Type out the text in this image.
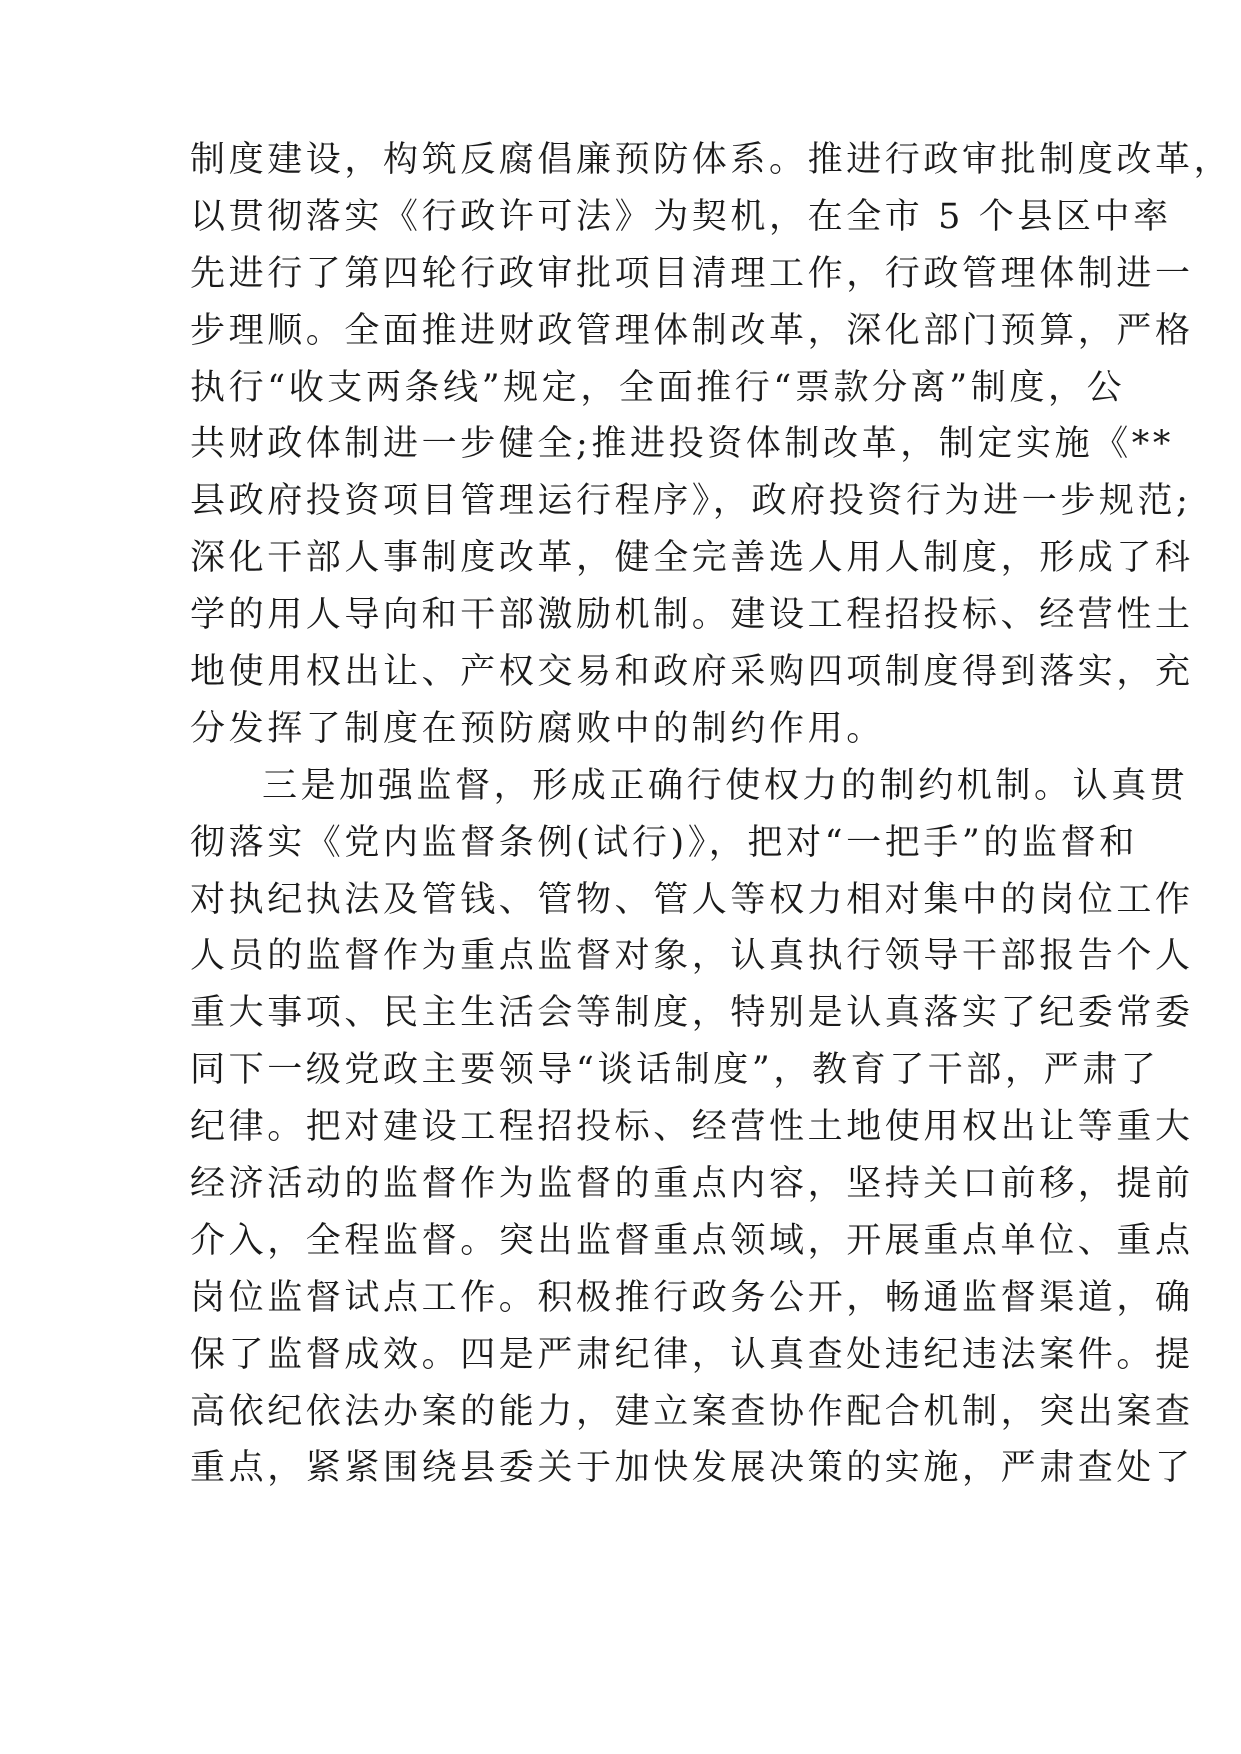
制度建设，构筑反腐倡廉预防体系。推进行政审批制度改革，
以贯彻落实《行政许可法》为契机，在全市 5 个县区中率
先进行了第四轮行政审批项目清理工作，行政管理体制进一
步理顺。全面推进财政管理体制改革，深化部门预算，严格
执行“收支两条线”规定，全面推行“票款分离”制度，公
共财政体制进一步健全;推进投资体制改革，制定实施《**
县政府投资项目管理运行程序》，政府投资行为进一步规范;
深化干部人事制度改革，健全完善选人用人制度，形成了科
学的用人导向和干部激励机制。建设工程招投标、经营性土
地使用权出让、产权交易和政府采购四项制度得到落实，充
分发挥了制度在预防腐败中的制约作用。
三是加强监督，形成正确行使权力的制约机制。认真贯
彻落实《党内监督条例(试行)》，把对“一把手”的监督和
对执纪执法及管钱、管物、管人等权力相对集中的岗位工作
人员的监督作为重点监督对象，认真执行领导干部报告个人
重大事项、民主生活会等制度，特别是认真落实了纪委常委
同下一级党政主要领导“谈话制度”，教育了干部，严肃了
纪律。把对建设工程招投标、经营性土地使用权出让等重大
经济活动的监督作为监督的重点内容，坚持关口前移，提前
介入，全程监督。突出监督重点领域，开展重点单位、重点
岗位监督试点工作。积极推行政务公开，畅通监督渠道，确
保了监督成效。四是严肃纪律，认真查处违纪违法案件。提
高依纪依法办案的能力，建立案查协作配合机制，突出案查
重点，紧紧围绕县委关于加快发展决策的实施，严肃查处了
